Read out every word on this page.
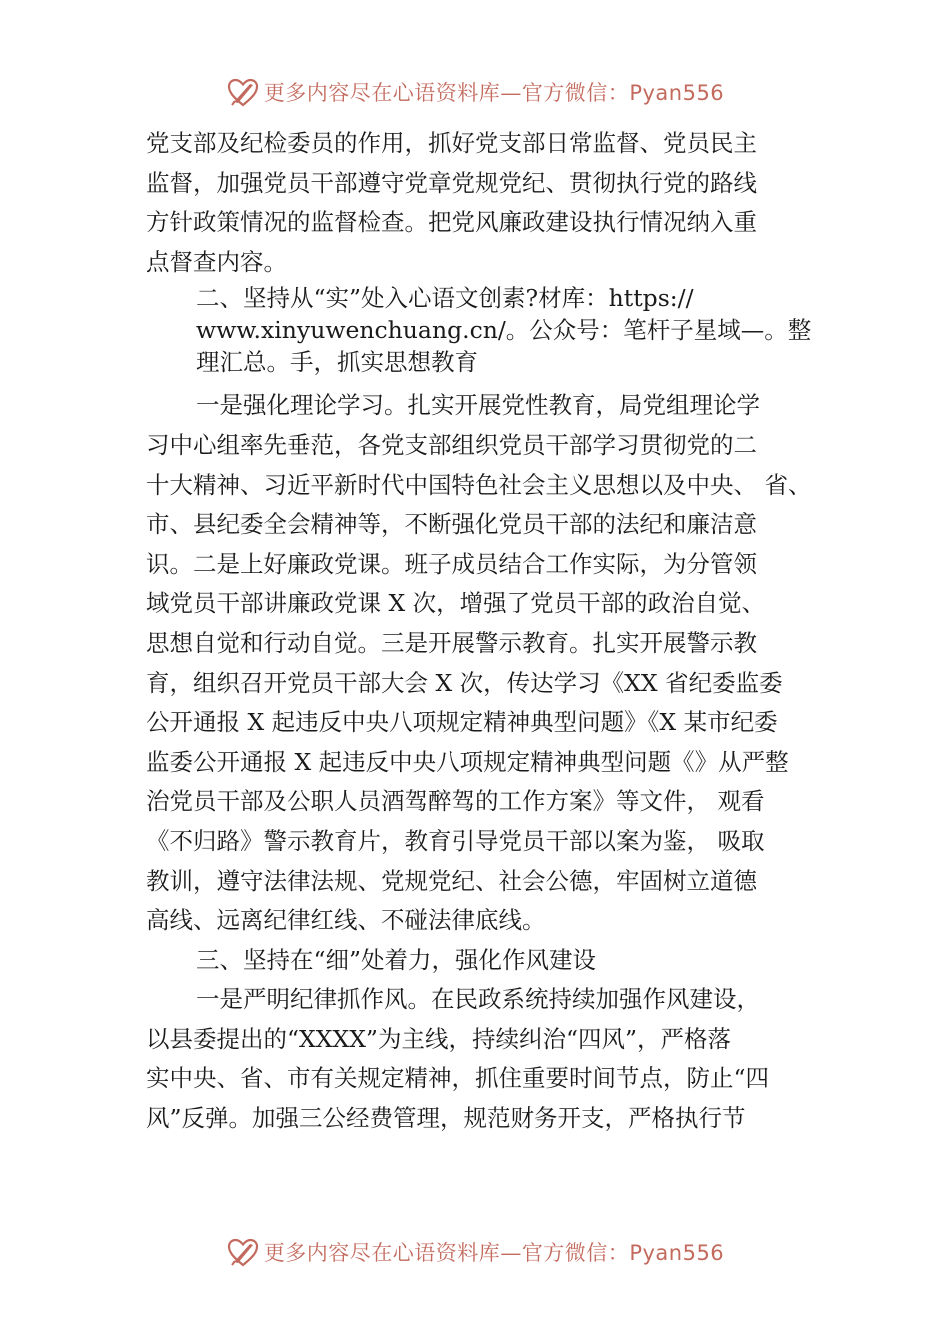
更多内容尽在心语资料库—官方微信：Pyan556
党支部及纪检委员的作用，抓好党支部日常监督、党员民主
监督，加强党员干部遵守党章党规党纪、贯彻执行党的路线
方针政策情况的监督检查。把党风廉政建设执行情况纳入重
点督查内容。
二、坚持从“实”处入心语文创素?材库：https://
www.xinyuwenchuang.cn/。公众号：笔杆子星域—。整
理汇总。手，抓实思想教育
一是强化理论学习。扎实开展党性教育，局党组理论学
习中心组率先垂范，各党支部组织党员干部学习贯彻党的二
十大精神、习近平新时代中国特色社会主义思想以及中央、 省、
市、县纪委全会精神等，不断强化党员干部的法纪和廉洁意
识。二是上好廉政党课。班子成员结合工作实际，为分管领
域党员干部讲廉政党课 X 次，增强了党员干部的政治自觉、
思想自觉和行动自觉。三是开展警示教育。扎实开展警示教
育，组织召开党员干部大会 X 次，传达学习《XX 省纪委监委
公开通报 X 起违反中央八项规定精神典型问题》《X 某市纪委
监委公开通报 X 起违反中央八项规定精神典型问题《》从严整
治党员干部及公职人员酒驾醉驾的工作方案》等文件， 观看
《不归路》警示教育片，教育引导党员干部以案为鉴， 吸取
教训，遵守法律法规、党规党纪、社会公德，牢固树立道德
高线、远离纪律红线、不碰法律底线。
三、坚持在“细”处着力，强化作风建设
一是严明纪律抓作风。在民政系统持续加强作风建设，
以县委提出的“XXXX”为主线，持续纠治“四风”，严格落
实中央、省、市有关规定精神，抓住重要时间节点，防止“四
风”反弹。加强三公经费管理，规范财务开支，严格执行节
更多内容尽在心语资料库—官方微信：Pyan556
